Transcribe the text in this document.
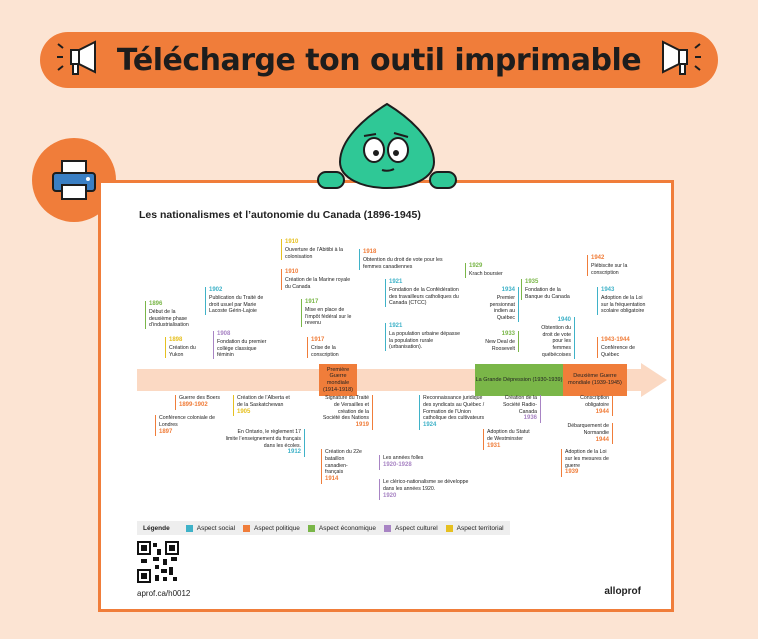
Télécharge ton outil imprimable
Les nationalismes et l’autonomie du Canada (1896-1945)
Première Guerre mondiale (1914-1918)
La Grande Dépression (1930-1939)
Deuxième Guerre mondiale (1939-1945)
1896
Début de la deuxième phase d’industrialisation
1898
Création du Yukon
1902
Publication du Traité de droit usuel par Marie Lacoste Gérin-Lajoie
1908
Fondation du premier collège classique féminin
1910
Ouverture de l’Abitibi à la colonisation
1910
Création de la Marine royale du Canada
1917
Mise en place de l’impôt fédéral sur le revenu
1917
Crise de la conscription
1918
Obtention du droit de vote pour les femmes canadiennes
1921
Fondation de la Confédération des travailleurs catholiques du Canada (CTCC)
1921
La population urbaine dépasse la population rurale (urbanisation).
1929
Krach boursier
1934
Premier pensionnat indien au Québec
1933
New Deal de Roosevelt
1935
Fondation de la Banque du Canada
1940
Obtention du droit de vote pour les femmes québécoises
1942
Plébiscite sur la conscription
1943
Adoption de la Loi sur la fréquentation scolaire obligatoire
1943-1944
Conférence de Québec
Guerre des Boers
1899-1902
Conférence coloniale de Londres
1897
Création de l’Alberta et de la Saskatchewan
1905
En Ontario, le règlement 17 limite l’enseignement du français dans les écoles.
1912
Signature du Traité de Versailles et création de la Société des Nations
1919
Création du 22e bataillon canadien-français
1914
Reconnaissance juridique des syndicats au Québec / Formation de l’Union catholique des cultivateurs
1924
Les années folles

1920-1928
Le clérico-nationalisme se développe dans les années 1920.
1920
Création de la Société Radio-Canada
1936
Adoption du Statut de Westminster
1931
Conscription obligatoire
1944
Débarquement de Normandie
1944
Adoption de la Loi sur les mesures de guerre
1939
Légende	Aspect social	Aspect politique	Aspect économique	Aspect culturel	Aspect territorial
aprof.ca/h0012	alloprof
